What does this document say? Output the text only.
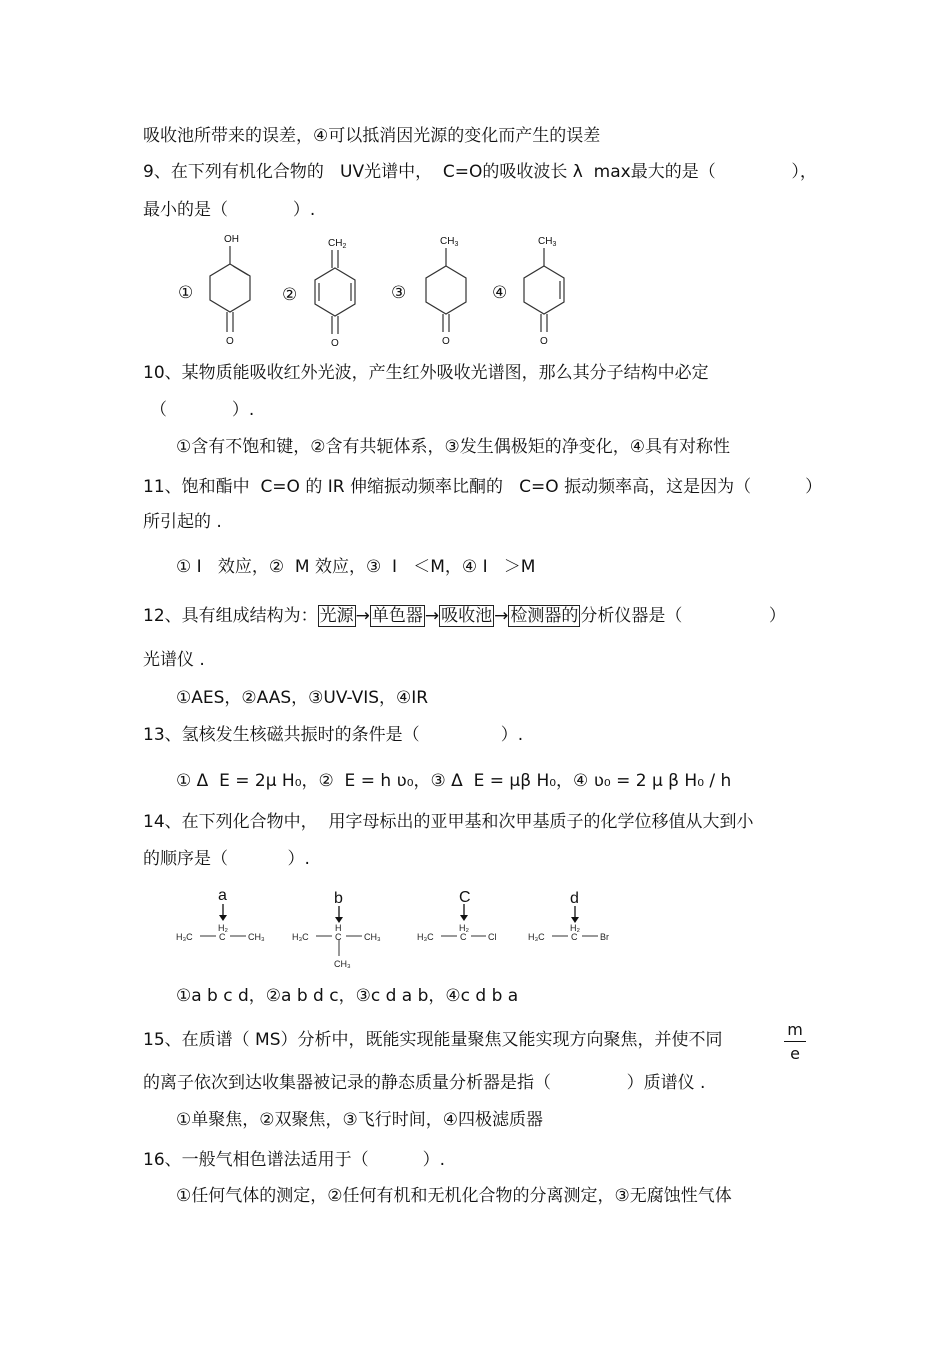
吸收池所带来的误差，④可以抵消因光源的变化而产生的误差
9、在下列有机化合物的   UV光谱中，  C=O的吸收波长 λ  max最大的是（              ），
最小的是（            ）.
①
OH
O
②
$CH_2$
O
③
$CH_3$
O
④
$CH_3$
O
10、某物质能吸收红外光波，产生红外吸收光谱图，那么其分子结构中必定
（            ）.
①含有不饱和键，②含有共轭体系，③发生偶极矩的净变化，④具有对称性
11、饱和酯中  C=O 的 IR 伸缩振动频率比酮的   C=O 振动频率高，这是因为（          ）
所引起的 .
① I   效应，②  M 效应，③  I   ＜M，④ I   ＞M
12、具有组成结构为： 光源 → 单色器 → 吸收池 → 检测器的 分析仪器是（                ）
光谱仪 .
①AES，②AAS，③UV-VIS，④IR
13、氢核发生核磁共振时的条件是（               ）.
① Δ  E = 2μ H₀，②  E = h ʋ₀，③ Δ  E = μβ H₀，④ ʋ₀ = 2 μ β H₀ / h
14、在下列化合物中，  用字母标出的亚甲基和次甲基质子的化学位移值从大到小
的顺序是（           ）.
a	b	C	d
H₃C
H₂
C	CH₃	H₃C
H
C	CH₃
CH₃
H₃C
H₂
C Cl	H₃C
H₂
C	Br
①a b c d，②a b d c，③c d a b，④c d b a
m
e
15、在质谱（ MS）分析中，既能实现能量聚焦又能实现方向聚焦，并使不同
的离子依次到达收集器被记录的静态质量分析器是指（              ）质谱仪 .
①单聚焦，②双聚焦，③飞行时间，④四极滤质器
16、一般气相色谱法适用于（          ）.
①任何气体的测定，②任何有机和无机化合物的分离测定，③无腐蚀性气体
